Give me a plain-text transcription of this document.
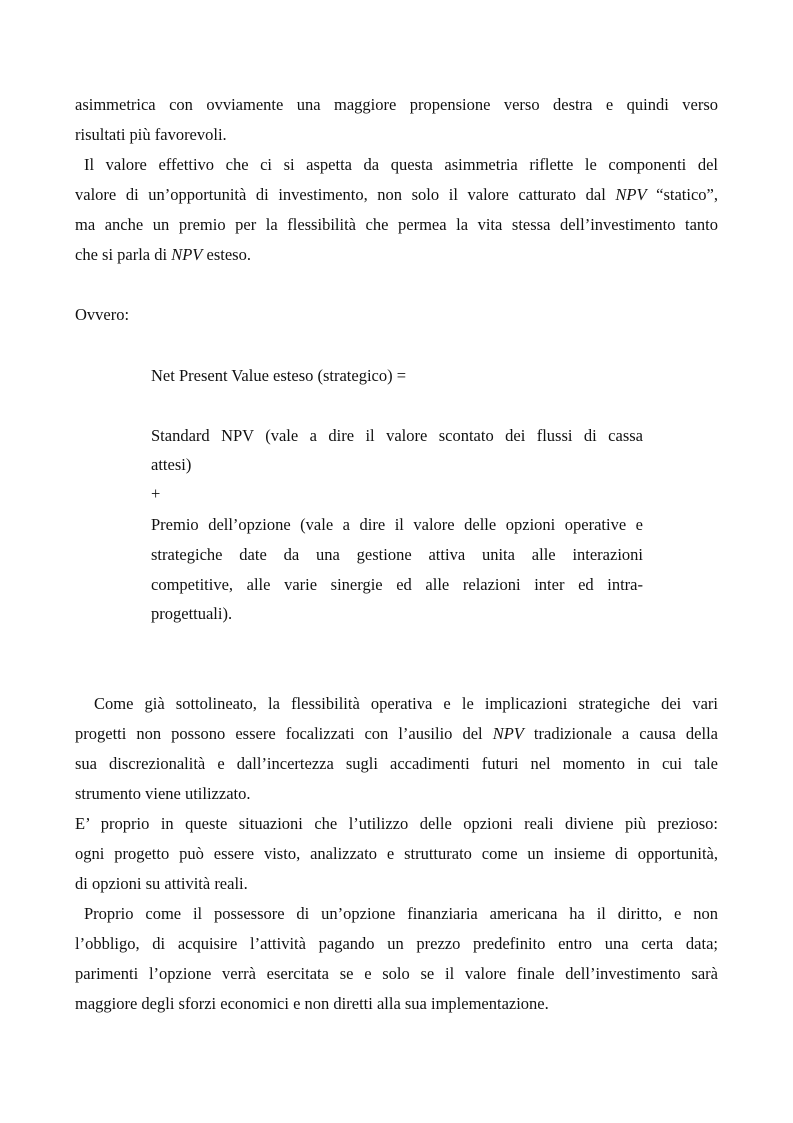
asimmetrica con ovviamente una maggiore propensione verso destra e quindi verso
risultati più favorevoli.
Il valore effettivo che ci si aspetta da questa asimmetria riflette le componenti del
valore di un’opportunità di investimento, non solo il valore catturato dal NPV “statico”,
ma anche un premio per la flessibilità che permea la vita stessa dell’investimento tanto
che si parla di NPV esteso.
Ovvero:
Net Present Value esteso (strategico) =
Standard NPV (vale a dire il valore scontato dei flussi di cassa
attesi)
+
Premio dell’opzione (vale a dire il valore delle opzioni operative e
strategiche date da una gestione attiva unita alle interazioni
competitive, alle varie sinergie ed alle relazioni inter ed intra-
progettuali).
Come già sottolineato, la flessibilità operativa e le implicazioni strategiche dei vari
progetti non possono essere focalizzati con l’ausilio del NPV tradizionale a causa della
sua discrezionalità e dall’incertezza sugli accadimenti futuri nel momento in cui tale
strumento viene utilizzato.
E’ proprio in queste situazioni che l’utilizzo delle opzioni reali diviene più prezioso:
ogni progetto può essere visto, analizzato e strutturato come un insieme di opportunità,
di opzioni su attività reali.
Proprio come il possessore di un’opzione finanziaria americana ha il diritto, e non
l’obbligo, di acquisire l’attività pagando un prezzo predefinito entro una certa data;
parimenti l’opzione verrà esercitata se e solo se il valore finale dell’investimento sarà
maggiore degli sforzi economici e non diretti alla sua implementazione.
